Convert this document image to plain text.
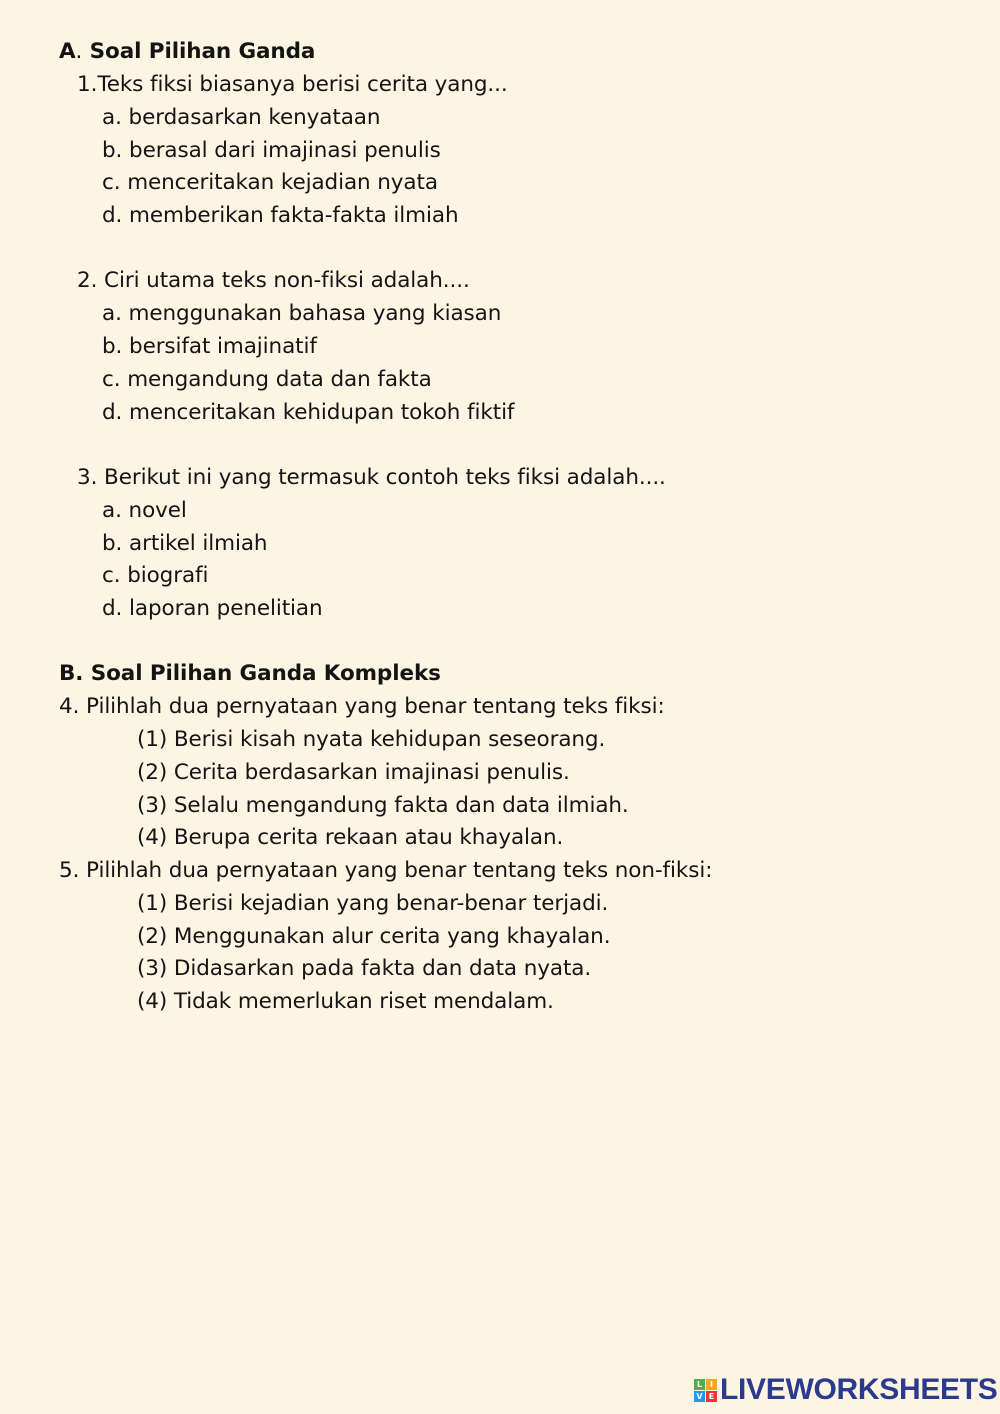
A. Soal Pilihan Ganda
1.Teks fiksi biasanya berisi cerita yang...
a. berdasarkan kenyataan
b. berasal dari imajinasi penulis
c. menceritakan kejadian nyata
d. memberikan fakta-fakta ilmiah
2. Ciri utama teks non-fiksi adalah....
a. menggunakan bahasa yang kiasan
b. bersifat imajinatif
c. mengandung data dan fakta
d. menceritakan kehidupan tokoh fiktif
3. Berikut ini yang termasuk contoh teks fiksi adalah....
a. novel
b. artikel ilmiah
c. biografi
d. laporan penelitian
B. Soal Pilihan Ganda Kompleks
4. Pilihlah dua pernyataan yang benar tentang teks fiksi:
(1) Berisi kisah nyata kehidupan seseorang.
(2) Cerita berdasarkan imajinasi penulis.
(3) Selalu mengandung fakta dan data ilmiah.
(4) Berupa cerita rekaan atau khayalan.
5. Pilihlah dua pernyataan yang benar tentang teks non-fiksi:
(1) Berisi kejadian yang benar-benar terjadi.
(2) Menggunakan alur cerita yang khayalan.
(3) Didasarkan pada fakta dan data nyata.
(4) Tidak memerlukan riset mendalam.
L I
V E LIVEWORKSHEETS
